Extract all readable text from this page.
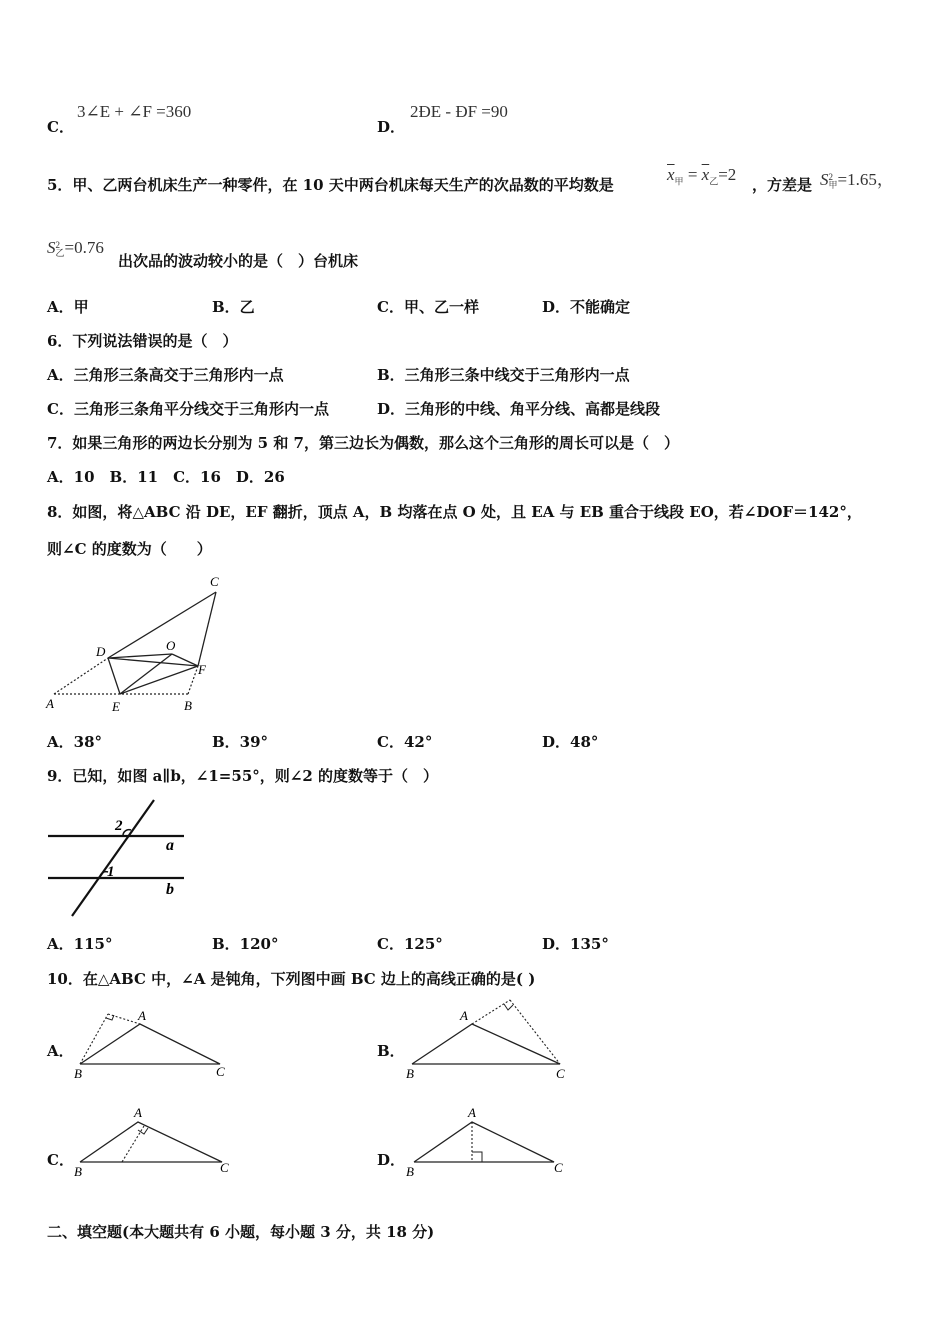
C．
3∠E + ∠F =360
D．
2ÐE - ÐF =90
5．甲、乙两台机床生产一种零件，在 10 天中两台机床每天生产的次品数的平均数是
$\overline{x}_甲 = \overline{x}_乙=2$
，方差是 S2
甲=1.65，
S2
乙=0.76
出次品的波动较小的是（　）台机床
A．甲	B．乙	C．甲、乙一样	D．不能确定
6．下列说法错误的是（　）
A．三角形三条高交于三角形内一点	B．三角形三条中线交于三角形内一点
C．三角形三条角平分线交于三角形内一点	D．三角形的中线、角平分线、高都是线段
7．如果三角形的两边长分别为 5 和 7，第三边长为偶数，那么这个三角形的周长可以是（　）
A．10　B．11　C．16　D．26
8．如图，将△ABC 沿 DE，EF 翻折，顶点 A，B 均落在点 O 处，且 EA 与 EB 重合于线段 EO，若∠DOF＝142°，
则∠C 的度数为（　　）
A	B
C
D
E
F
O
A．38°	B．39°	C．42°	D．48°
9．已知，如图 a∥b，∠1=55°，则∠2 的度数等于（　）
2
1
a
b
A．115°	B．120°	C．125°	D．135°
10．在△ABC 中，∠A 是钝角，下列图中画 BC 边上的高线正确的是( )
A．
A
B	C
B．
A
B	C
C．
A
B	C	D．
A
B	C
二、填空题(本大题共有 6 小题，每小题 3 分，共 18 分)
